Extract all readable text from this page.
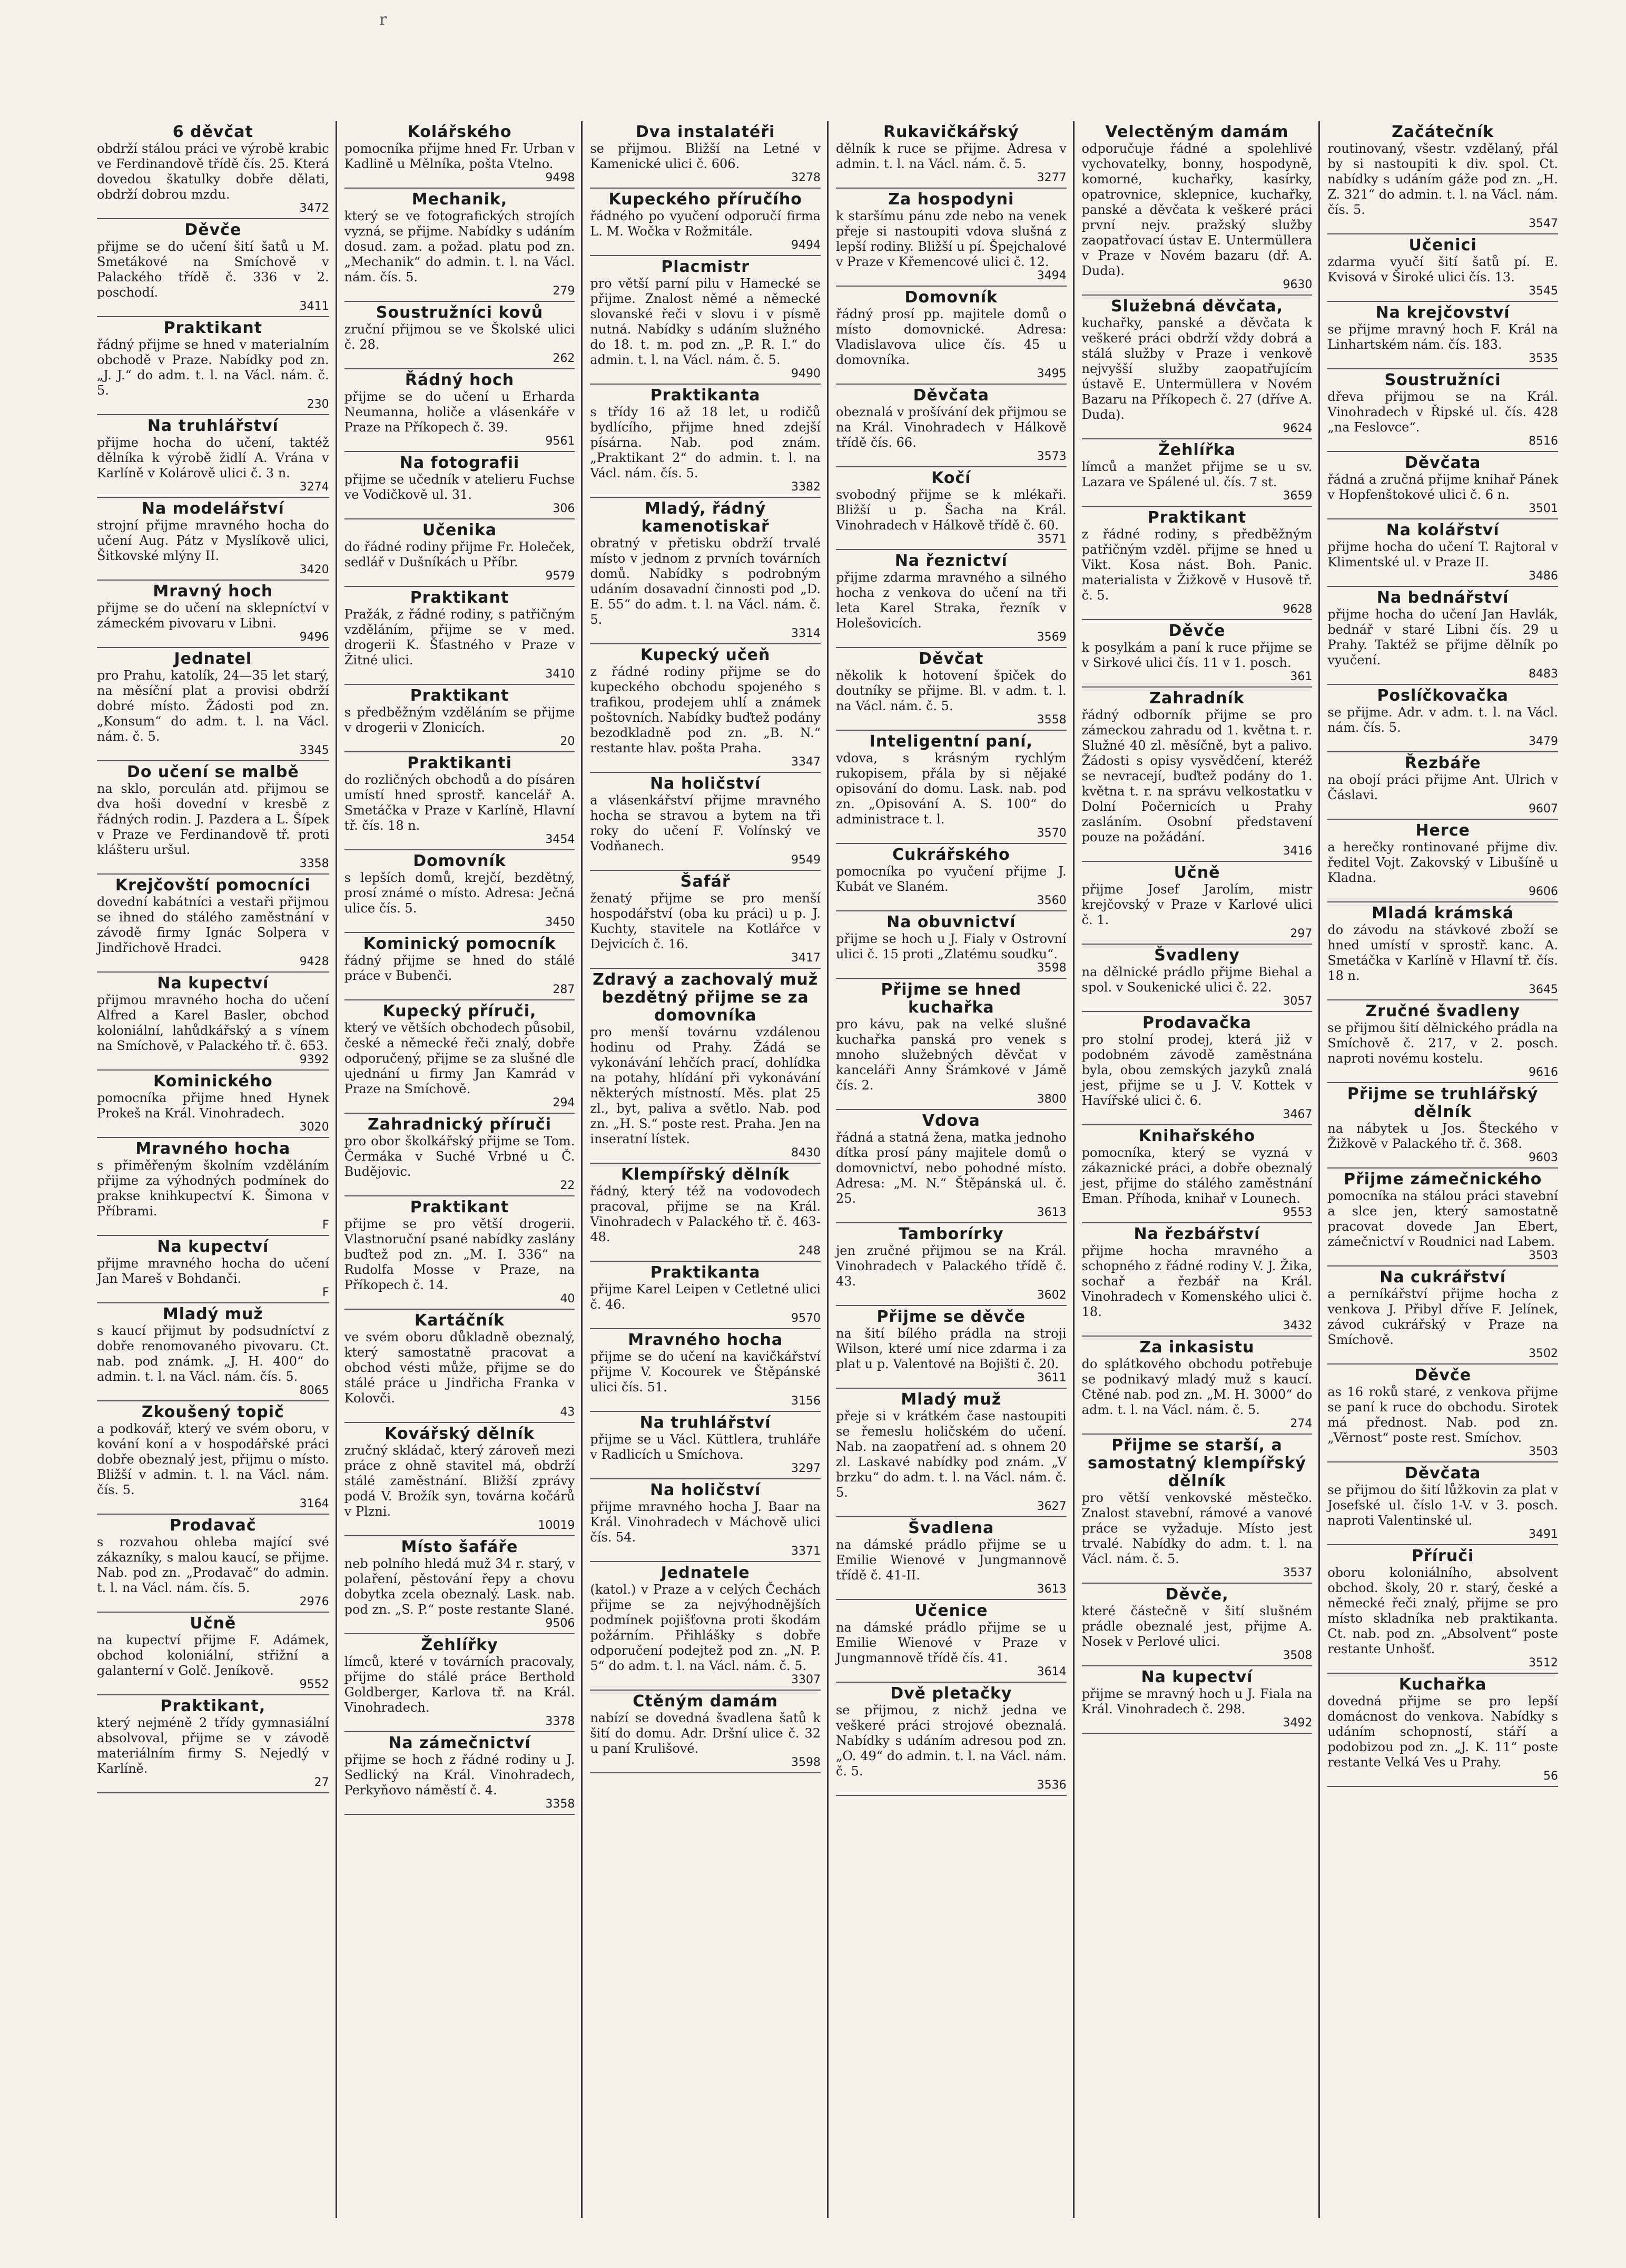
r
6 děvčat

obdrží stálou práci ve výrobě krabic ve Ferdinandově třídě čís. 25. Která dovedou škatulky dobře dělati, obdrží dobrou mzdu.
3472

Děvče

přijme se do učení šití šatů u M. Smetákové na Smíchově v Palackého třídě č. 336 v 2. poschodí.
3411

Praktikant

řádný přijme se hned v materialním obchodě v Praze. Nabídky pod zn. „J. J.“ do adm. t. l. na Václ. nám. č. 5.
230

Na truhlářství

přijme hocha do učení, taktéž dělníka k výrobě židlí A. Vrána v Karlíně v Kolárově ulici č. 3 n.
3274

Na modelářství

strojní přijme mravného hocha do učení Aug. Pátz v Myslíkově ulici, Šitkovské mlýny II.
3420

Mravný hoch

přijme se do učení na sklepníctví v zámeckém pivovaru v Libni.
9496

Jednatel

pro Prahu, katolík, 24—35 let starý, na měsíční plat a provisi obdrží dobré místo. Žádosti pod zn. „Konsum“ do adm. t. l. na Václ. nám. č. 5.
3345

Do učení se malbě

na sklo, porculán atd. přijmou se dva hoši dovední v kresbě z řádných rodin. J. Pazdera a L. Šípek v Praze ve Ferdinandově tř. proti klášteru uršul.
3358

Krejčovští pomocníci

dovední kabátníci a vestaři přijmou se ihned do stálého zaměstnání v závodě firmy Ignác Solpera v Jindřichově Hradci.
9428

Na kupectví

přijmou mravného hocha do učení Alfred a Karel Basler, obchod koloniální, lahůdkářský a s vínem na Smíchově, v Palackého tř. č. 653.
9392

Kominického

pomocníka přijme hned Hynek Prokeš na Král. Vinohradech.
3020

Mravného hocha

s přiměřeným školním vzděláním přijme za výhodných podmínek do prakse knihkupectví K. Šimona v Příbrami.
F

Na kupectví

přijme mravného hocha do učení Jan Mareš v Bohdanči.
F

Mladý muž

s kaucí přijmut by podsudníctví z dobře renomovaného pivovaru. Ct. nab. pod známk. „J. H. 400“ do admin. t. l. na Václ. nám. čís. 5.
8065

Zkoušený topič

a podkovář, který ve svém oboru, v kování koní a v hospodářské práci dobře obeznalý jest, přijmu o místo. Bližší v admin. t. l. na Václ. nám. čís. 5.
3164

Prodavač

s rozvahou ohleba mající své zákazníky, s malou kaucí, se přijme. Nab. pod zn. „Prodavač“ do admin. t. l. na Václ. nám. čís. 5.
2976

Učně

na kupectví přijme F. Adámek, obchod koloniální, střižní a galanterní v Golč. Jeníkově.
9552

Praktikant,

který nejméně 2 třídy gymnasiální absolvoval, přijme se v závodě materiálním firmy S. Nejedlý v Karlíně.
27

Kolářského

pomocníka přijme hned Fr. Urban v Kadlině u Mělníka, pošta Vtelno.
9498

Mechanik,

který se ve fotografických strojích vyzná, se přijme. Nabídky s udáním dosud. zam. a požad. platu pod zn. „Mechanik“ do admin. t. l. na Václ. nám. čís. 5.
279

Soustružníci kovů

zruční přijmou se ve Školské ulici č. 28.
262

Řádný hoch

přijme se do učení u Erharda Neumanna, holiče a vlásenkáře v Praze na Příkopech č. 39.
9561

Na fotografii

přijme se učedník v atelieru Fuchse ve Vodičkově ul. 31.
306

Učenika

do řádné rodiny přijme Fr. Holeček, sedlář v Dušníkách u Příbr.
9579

Praktikant

Pražák, z řádné rodiny, s patřičným vzděláním, přijme se v med. drogerii K. Šťastného v Praze v Žitné ulici.
3410

Praktikant

s předběžným vzděláním se přijme v drogerii v Zlonicích.
20

Praktikanti

do rozličných obchodů a do písáren umístí hned sprostř. kancelář A. Smetáčka v Praze v Karlíně, Hlavní tř. čís. 18 n.
3454

Domovník

s lepších domů, krejčí, bezdětný, prosí známé o místo. Adresa: Ječná ulice čís. 5.
3450

Kominický pomocník

řádný přijme se hned do stálé práce v Bubenči.
287

Kupecký příruči,

který ve větších obchodech působil, české a německé řeči znalý, dobře odporučený, přijme se za slušné dle ujednání u firmy Jan Kamrád v Praze na Smíchově.
294

Zahradnický příruči

pro obor školkářský přijme se Tom. Čermáka v Suché Vrbné u Č. Budějovic.
22

Praktikant

přijme se pro větší drogerii. Vlastnoruční psané nabídky zaslány buďtež pod zn. „M. I. 336“ na Rudolfa Mosse v Praze, na Příkopech č. 14.
40

Kartáčník

ve svém oboru důkladně obeznalý, který samostatně pracovat a obchod vésti může, přijme se do stálé práce u Jindřicha Franka v Kolovči.
43

Kovářský dělník

zručný skládač, který zároveň mezi práce z ohně stavitel má, obdrží stálé zaměstnání. Bližší zprávy podá V. Brožík syn, továrna kočárů v Plzni.
10019

Místo šafáře

neb polního hledá muž 34 r. starý, v polaření, pěstování řepy a chovu dobytka zcela obeznalý. Lask. nab. pod zn. „S. P.“ poste restante Slané.
9506

Žehlířky

límců, které v továrních pracovaly, přijme do stálé práce Berthold Goldberger, Karlova tř. na Král. Vinohradech.
3378

Na zámečnictví

přijme se hoch z řádné rodiny u J. Sedlický na Král. Vinohradech, Perkyňovo náměstí č. 4.
3358

Dva instalatéři

se přijmou. Bližší na Letné v Kamenické ulici č. 606.
3278

Kupeckého příručího

řádného po vyučení odporučí firma L. M. Wočka v Rožmitále.
9494

Placmistr

pro větší parní pilu v Hamecké se přijme. Znalost němé a německé slovanské řeči v slovu i v písmě nutná. Nabídky s udáním služného do 18. t. m. pod zn. „P. R. I.“ do admin. t. l. na Václ. nám. č. 5.
9490

Praktikanta

s třídy 16 až 18 let, u rodičů bydlícího, přijme hned zdejší písárna. Nab. pod znám. „Praktikant 2“ do admin. t. l. na Václ. nám. čís. 5.
3382

Mladý, řádný kamenotiskař

obratný v přetisku obdrží trvalé místo v jednom z prvních továrních domů. Nabídky s podrobným udáním dosavadní činnosti pod „D. E. 55“ do adm. t. l. na Václ. nám. č. 5.
3314

Kupecký učeň

z řádné rodiny přijme se do kupeckého obchodu spojeného s trafikou, prodejem uhlí a známek poštovních. Nabídky buďtež podány bezodkladně pod zn. „B. N.“ restante hlav. pošta Praha.
3347

Na holičství

a vlásenkářství přijme mravného hocha se stravou a bytem na tři roky do učení F. Volínský ve Vodňanech.
9549

Šafář

ženatý přijme se pro menší hospodářství (oba ku práci) u p. J. Kuchty, stavitele na Kotlářce v Dejvicích č. 16.
3417

Zdravý a zachovalý muž bezdětný přijme se za domovníka

pro menší továrnu vzdálenou hodinu od Prahy. Žádá se vykonávání lehčích prací, dohlídka na potahy, hlídání při vykonávání některých místností. Měs. plat 25 zl., byt, paliva a světlo. Nab. pod zn. „H. S.“ poste rest. Praha. Jen na inseratní lístek.
8430

Klempířský dělník

řádný, který též na vodovodech pracoval, přijme se na Král. Vinohradech v Palackého tř. č. 463-48.
248

Praktikanta

přijme Karel Leipen v Cetletné ulici č. 46.
9570

Mravného hocha

přijme se do učení na kavičkářství přijme V. Kocourek ve Štěpánské ulici čís. 51.
3156

Na truhlářství

přijme se u Václ. Küttlera, truhláře v Radlicích u Smíchova.
3297

Na holičství

přijme mravného hocha J. Baar na Král. Vinohradech v Máchově ulici čís. 54.
3371

Jednatele

(katol.) v Praze a v celých Čechách přijme se za nejvýhodnějších podmínek pojišťovna proti škodám požárním. Přihlášky s dobře odporučení podejtež pod zn. „N. P. 5“ do adm. t. l. na Václ. nám. č. 5.
3307

Ctěným damám

nabízí se dovedná švadlena šatů k šití do domu. Adr. Dršní ulice č. 32 u paní Krulišové.
3598

Rukavičkářský

dělník k ruce se přijme. Adresa v admin. t. l. na Václ. nám. č. 5.
3277

Za hospodyni

k staršímu pánu zde nebo na venek přeje si nastoupiti vdova slušná z lepší rodiny. Bližší u pí. Špejchalové v Praze v Křemencové ulici č. 12.
3494

Domovník

řádný prosí pp. majitele domů o místo domovnické. Adresa: Vladislavova ulice čís. 45 u domovníka.
3495

Děvčata

obeznalá v prošívání dek přijmou se na Král. Vinohradech v Hálkově třídě čís. 66.
3573

Kočí

svobodný přijme se k mlékaři. Bližší u p. Šacha na Král. Vinohradech v Hálkově třídě č. 60.
3571

Na řeznictví

přijme zdarma mravného a silného hocha z venkova do učení na tři leta Karel Straka, řezník v Holešovicích.
3569

Děvčat

několik k hotovení špiček do doutníky se přijme. Bl. v adm. t. l. na Václ. nám. č. 5.
3558

Inteligentní paní,

vdova, s krásným rychlým rukopisem, přála by si nějaké opisování do domu. Lask. nab. pod zn. „Opisování A. S. 100“ do administrace t. l.
3570

Cukrářského

pomocníka po vyučení přijme J. Kubát ve Slaném.
3560

Na obuvnictví

přijme se hoch u J. Fialy v Ostrovní ulici č. 15 proti „Zlatému soudku“.
3598

Přijme se hned kuchařka

pro kávu, pak na velké slušné kuchařka panská pro venek s mnoho služebných děvčat v kanceláři Anny Šrámkové v Jámě čís. 2.
3800

Vdova

řádná a statná žena, matka jednoho dítka prosí pány majitele domů o domovnictví, nebo pohodné místo. Adresa: „M. N.“ Štěpánská ul. č. 25.
3613

Tamborírky

jen zručné přijmou se na Král. Vinohradech v Palackého třídě č. 43.
3602

Přijme se děvče

na šití bílého prádla na stroji Wilson, které umí nice zdarma i za plat u p. Valentové na Bojišti č. 20.
3611

Mladý muž

přeje si v krátkém čase nastoupiti se řemeslu holičském do učení. Nab. na zaopatření ad. s ohnem 20 zl. Laskavé nabídky pod znám. „V brzku“ do adm. t. l. na Václ. nám. č. 5.
3627

Švadlena

na dámské prádlo přijme se u Emilie Wienové v Jungmannově třídě č. 41-II.
3613

Učenice

na dámské prádlo přijme se u Emilie Wienové v Praze v Jungmannově třídě čís. 41.
3614

Dvě pletačky

se přijmou, z nichž jedna ve veškeré práci strojové obeznalá. Nabídky s udáním adresou pod zn. „O. 49“ do admin. t. l. na Václ. nám. č. 5.
3536

Velectěným damám

odporučuje řádné a spolehlivé vychovatelky, bonny, hospodyně, komorné, kuchařky, kasírky, opatrovnice, sklepnice, kuchařky, panské a děvčata k veškeré práci první nejv. pražský služby zaopatřovací ústav E. Untermüllera v Praze v Novém bazaru (dř. A. Duda).
9630

Služebná děvčata,

kuchařky, panské a děvčata k veškeré práci obdrží vždy dobrá a stálá služby v Praze i venkově nejvyšší služby zaopatřujícím ústavě E. Untermüllera v Novém Bazaru na Příkopech č. 27 (dříve A. Duda).
9624

Žehlířka

límců a manžet přijme se u sv. Lazara ve Spálené ul. čís. 7 st.
3659

Praktikant

z řádné rodiny, s předběžným patřičným vzděl. přijme se hned u Vikt. Kosa nást. Boh. Panic. materialista v Žižkově v Husově tř. č. 5.
9628

Děvče

k posylkám a paní k ruce přijme se v Sirkové ulici čís. 11 v 1. posch.
361

Zahradník

řádný odborník přijme se pro zámeckou zahradu od 1. května t. r. Služné 40 zl. měsíčně, byt a palivo. Žádosti s opisy vysvědčení, kteréž se nevracejí, buďtež podány do 1. května t. r. na správu velkostatku v Dolní Počernicích u Prahy zasláním. Osobní představení pouze na požádání.
3416

Učně

přijme Josef Jarolím, mistr krejčovský v Praze v Karlové ulici č. 1.
297

Švadleny

na dělnické prádlo přijme Biehal a spol. v Soukenické ulici č. 22.
3057

Prodavačka

pro stolní prodej, která již v podobném závodě zaměstnána byla, obou zemských jazyků znalá jest, přijme se u J. V. Kottek v Havířské ulici č. 6.
3467

Knihařského

pomocníka, který se vyzná v zákaznické práci, a dobře obeznalý jest, přijme do stálého zaměstnání Eman. Příhoda, knihař v Lounech.
9553

Na řezbářství

přijme hocha mravného a schopného z řádné rodiny V. J. Žika, sochař a řezbář na Král. Vinohradech v Komenského ulici č. 18.
3432

Za inkasistu

do splátkového obchodu potřebuje se podnikavý mladý muž s kaucí. Ctěné nab. pod zn. „M. H. 3000“ do adm. t. l. na Václ. nám. č. 5.
274

Přijme se starší, a samostatný klempířský dělník

pro větší venkovské městečko. Znalost stavební, rámové a vanové práce se vyžaduje. Místo jest trvalé. Nabídky do adm. t. l. na Václ. nám. č. 5.
3537

Děvče,

které částečně v šití slušném prádle obeznalé jest, přijme A. Nosek v Perlové ulici.
3508

Na kupectví

přijme se mravný hoch u J. Fiala na Král. Vinohradech č. 298.
3492

Začátečník

routinovaný, všestr. vzdělaný, přál by si nastoupiti k div. spol. Ct. nabídky s udáním gáže pod zn. „H. Z. 321“ do admin. t. l. na Václ. nám. čís. 5.
3547

Učenici

zdarma vyučí šití šatů pí. E. Kvisová v Široké ulici čís. 13.
3545

Na krejčovství

se přijme mravný hoch F. Král na Linhartském nám. čís. 183.
3535

Soustružníci

dřeva přijmou se na Král. Vinohradech v Řipské ul. čís. 428 „na Feslovce“.
8516

Děvčata

řádná a zručná přijme knihař Pánek v Hopfenštokové ulici č. 6 n.
3501

Na kolářství

přijme hocha do učení T. Rajtoral v Klimentské ul. v Praze II.
3486

Na bednářství

přijme hocha do učení Jan Havlák, bednář v staré Libni čís. 29 u Prahy. Taktéž se přijme dělník po vyučení.
8483

Poslíčkovačka

se přijme. Adr. v adm. t. l. na Václ. nám. čís. 5.
3479

Řezbáře

na obojí práci přijme Ant. Ulrich v Čáslavi.
9607

Herce

a herečky rontinované přijme div. ředitel Vojt. Zakovský v Libušíně u Kladna.
9606

Mladá krámská

do závodu na stávkové zboží se hned umístí v sprostř. kanc. A. Smetáčka v Karlíně v Hlavní tř. čís. 18 n.
3645

Zručné švadleny

se přijmou šití dělnického prádla na Smíchově č. 217, v 2. posch. naproti novému kostelu.
9616

Přijme se truhlářský dělník

na nábytek u Jos. Šteckého v Žižkově v Palackého tř. č. 368.
9603

Přijme zámečnického

pomocníka na stálou práci stavební a slce jen, který samostatně pracovat dovede Jan Ebert, zámečnictví v Roudnici nad Labem.
3503

Na cukrářství

a perníkářství přijme hocha z venkova J. Přibyl dříve F. Jelínek, závod cukrářský v Praze na Smíchově.
3502

Děvče

as 16 roků staré, z venkova přijme se paní k ruce do obchodu. Sirotek má přednost. Nab. pod zn. „Věrnost“ poste rest. Smíchov.
3503

Děvčata

se přijmou do šití lůžkovin za plat v Josefské ul. číslo 1-V. v 3. posch. naproti Valentinské ul.
3491

Příruči

oboru koloniálního, absolvent obchod. školy, 20 r. starý, české a německé řeči znalý, přijme se pro místo skladníka neb praktikanta. Ct. nab. pod zn. „Absolvent“ poste restante Unhošť.
3512

Kuchařka

dovedná přijme se pro lepší domácnost do venkova. Nabídky s udáním schopností, stáří a podobizou pod zn. „J. K. 11“ poste restante Velká Ves u Prahy.
56
